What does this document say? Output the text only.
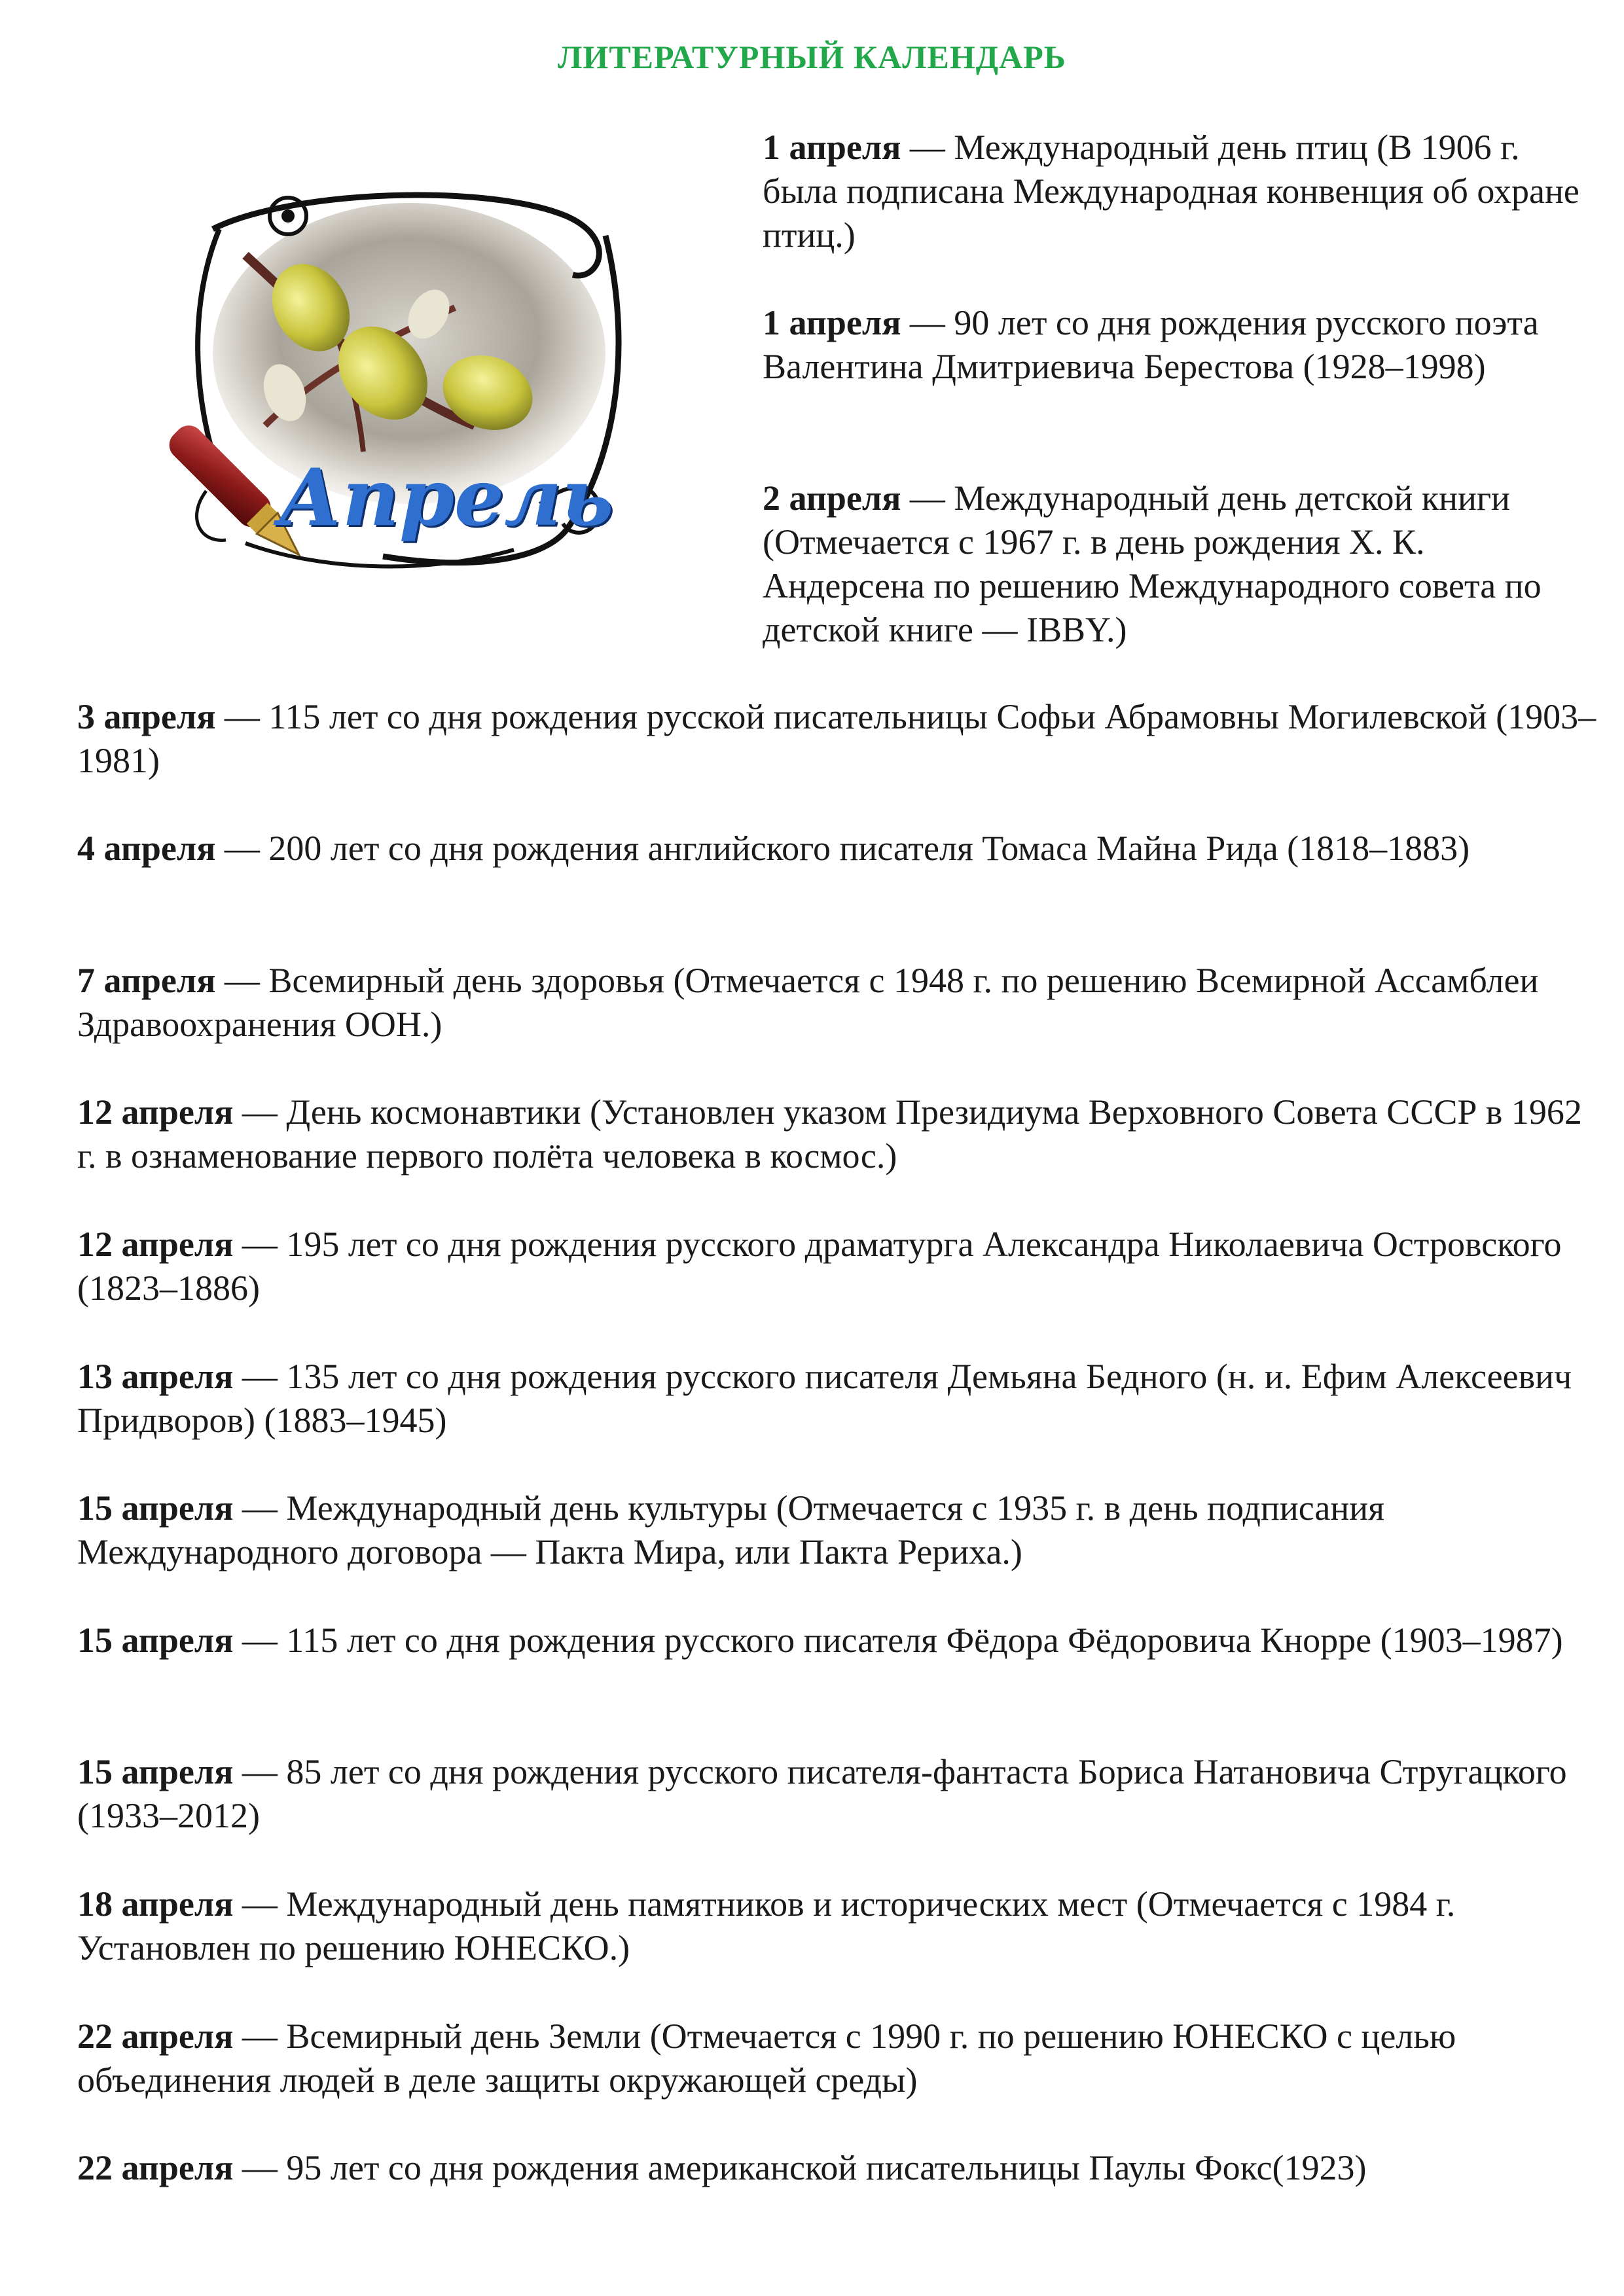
ЛИТЕРАТУРНЫЙ КАЛЕНДАРЬ
Апрель

1 апреля — Международный день птиц (В 1906 г. была подписана Международная конвенция об охране птиц.)

1 апреля — 90 лет со дня рождения русского поэта Валентина Дмитриевича Берестова (1928–1998)

2 апреля — Международный день детской книги (Отмечается с 1967 г. в день рождения Х. К. Андерсена по решению Международного совета по детской книге — IBBY.)

3 апреля — 115 лет со дня рождения русской писательницы Софьи Абрамовны Могилевской (1903–1981)

4 апреля — 200 лет со дня рождения английского писателя Томаса Майна Рида (1818–1883)

7 апреля — Всемирный день здоровья (Отмечается с 1948 г. по решению Всемирной Ассамблеи Здравоохранения ООН.)

12 апреля — День космонавтики (Установлен указом Президиума Верховного Совета СССР в 1962 г. в ознаменование первого полёта человека в космос.)

12 апреля — 195 лет со дня рождения русского драматурга Александра Николаевича Островского (1823–1886)

13 апреля — 135 лет со дня рождения русского писателя Демьяна Бедного (н. и. Ефим Алексеевич Придворов) (1883–1945)

15 апреля — Международный день культуры (Отмечается с 1935 г. в день подписания Международного договора — Пакта Мира, или Пакта Рериха.)

15 апреля — 115 лет со дня рождения русского писателя Фёдора Фёдоровича Кнорре (1903–1987)

15 апреля — 85 лет со дня рождения русского писателя-фантаста Бориса Натановича Стругацкого (1933–2012)

18 апреля — Международный день памятников и исторических мест (Отмечается с 1984 г. Установлен по решению ЮНЕСКО.)

22 апреля — Всемирный день Земли (Отмечается с 1990 г. по решению ЮНЕСКО с целью объединения людей в деле защиты окружающей среды)

22 апреля — 95 лет со дня рождения американской писательницы Паулы Фокс(1923)
